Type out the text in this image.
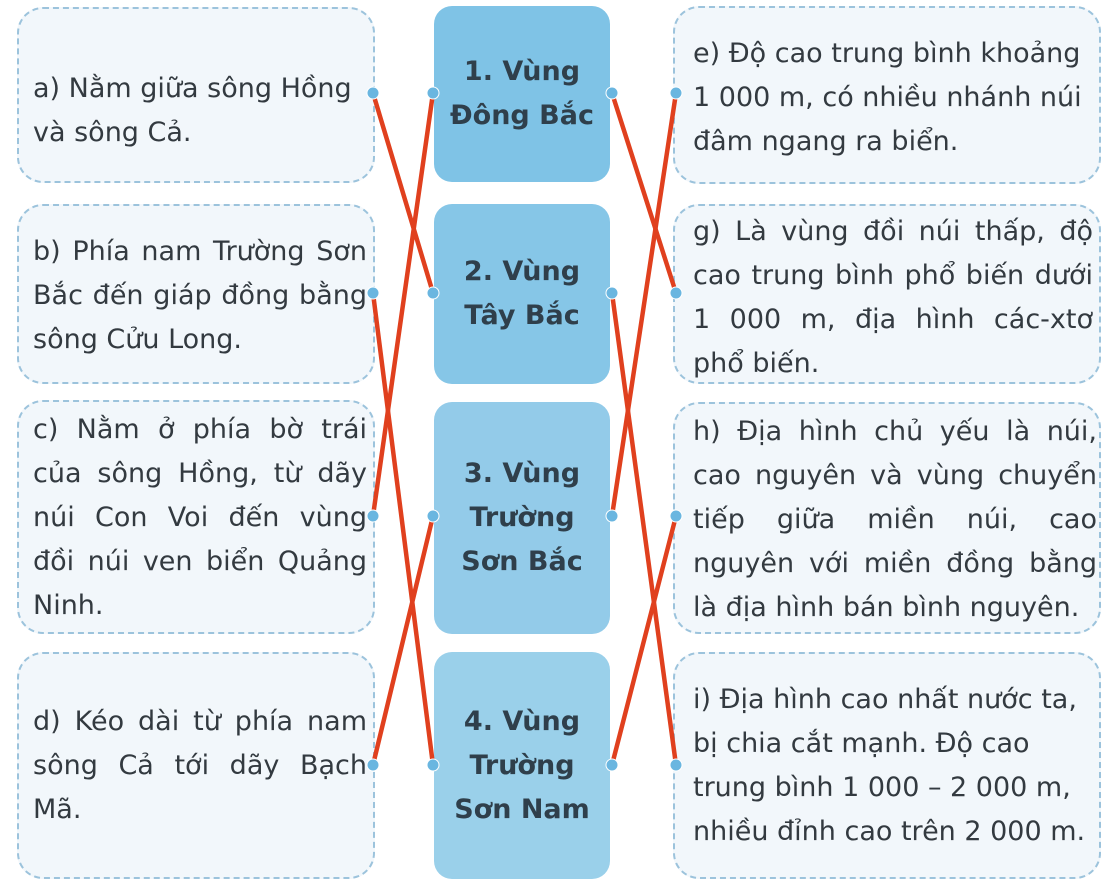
a) Nằm giữa sông Hồng và sông Cả.
b) Phía nam Trường Sơn Bắc đến giáp đồng bằng sông Cửu Long.
c) Nằm ở phía bờ trái của sông Hồng, từ dãy núi Con Voi đến vùng đồi núi ven biển Quảng Ninh.
d) Kéo dài từ phía nam sông Cả tới dãy Bạch Mã.
1. Vùng
Đông Bắc
2. Vùng
Tây Bắc
3. Vùng
Trường
Sơn Bắc
4. Vùng
Trường
Sơn Nam
e) Độ cao trung bình khoảng 1 000 m, có nhiều nhánh núi đâm ngang ra biển.
g) Là vùng đồi núi thấp, độ cao trung bình phổ biến dưới 1 000 m, địa hình các-xtơ phổ biến.
h) Địa hình chủ yếu là núi, cao nguyên và vùng chuyển tiếp giữa miền núi, cao nguyên với miền đồng bằng là địa hình bán bình nguyên.
i) Địa hình cao nhất nước ta, bị chia cắt mạnh. Độ cao trung bình 1 000 – 2 000 m, nhiều đỉnh cao trên 2 000 m.
